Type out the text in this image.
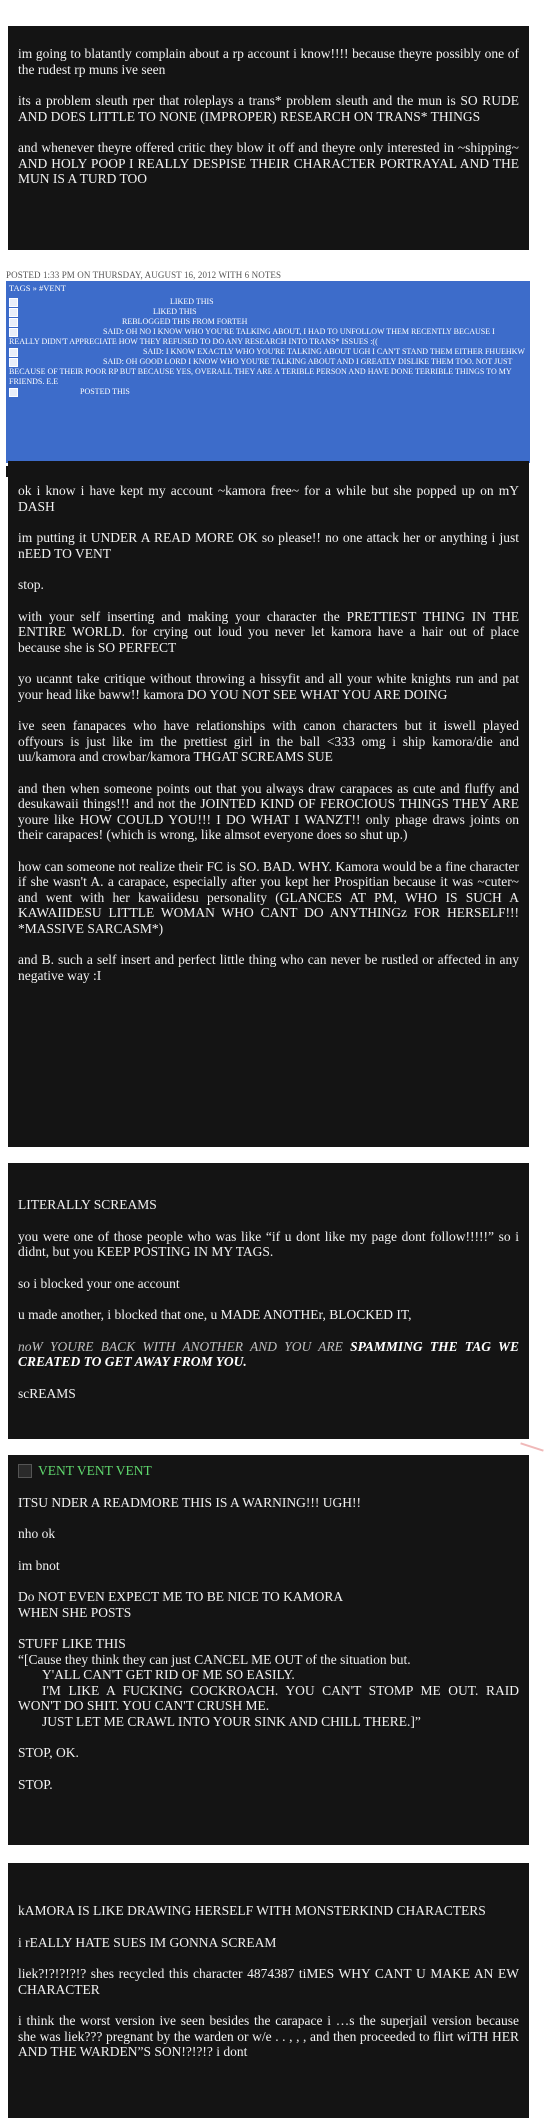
im going to blatantly complain about a rp account i know!!!! because theyre possibly one of the rudest rp muns ive seen

its a problem sleuth rper that roleplays a trans* problem sleuth and the mun is SO RUDE AND DOES LITTLE TO NONE (IMPROPER) RESEARCH ON TRANS* THINGS

and whenever theyre offered critic they blow it off and theyre only interested in ~shipping~ AND HOLY POOP I REALLY DESPISE THEIR CHARACTER PORTRAYAL AND THE MUN IS A TURD TOO

POSTED 1:33 PM ON THURSDAY, AUGUST 16, 2012 WITH 6 NOTES
TAGS » #VENT
LIKED THIS
LIKED THIS
REBLOGGED THIS FROM FORTEH
SAID: OH NO I KNOW WHO YOU'RE TALKING ABOUT, I HAD TO UNFOLLOW THEM RECENTLY BECAUSE I REALLY DIDN'T APPRECIATE HOW THEY REFUSED TO DO ANY RESEARCH INTO TRANS* ISSUES :((
SAID: I KNOW EXACTLY WHO YOU'RE TALKING ABOUT UGH I CAN'T STAND THEM EITHER FHUEHKW
SAID: OH GOOD LORD I KNOW WHO YOU'RE TALKING ABOUT AND I GREATLY DISLIKE THEM TOO. NOT JUST BECAUSE OF THEIR POOR RP BUT BECAUSE YES, OVERALL THEY ARE A TERIBLE PERSON AND HAVE DONE TERRIBLE THINGS TO MY FRIENDS. E.E
POSTED THIS

ok i know i have kept my account ~kamora free~ for a while but she popped up on mY DASH

im putting it UNDER A READ MORE OK so please!! no one attack her or anything i just nEED TO VENT

stop.

with your self inserting and making your character the PRETTIEST THING IN THE ENTIRE WORLD. for crying out loud you never let kamora have a hair out of place because she is SO PERFECT

yo ucannt take critique without throwing a hissyfit and all your white knights run and pat your head like baww!! kamora DO YOU NOT SEE WHAT YOU ARE DOING

ive seen fanapaces who have relationships with canon characters but it iswell played offyours is just like im the prettiest girl in the ball <333 omg i ship kamora/die and uu/kamora and crowbar/kamora THGAT SCREAMS SUE

and then when someone points out that you always draw carapaces as cute and fluffy and desukawaii things!!! and not the JOINTED KIND OF FEROCIOUS THINGS THEY ARE youre like HOW COULD YOU!!! I DO WHAT I WANZT!! only phage draws joints on their carapaces! (which is wrong, like almsot everyone does so shut up.)

how can someone not realize their FC is SO. BAD. WHY. Kamora would be a fine character if she wasn't A. a carapace, especially after you kept her Prospitian because it was ~cuter~ and went with her kawaiidesu personality (GLANCES AT PM, WHO IS SUCH A KAWAIIDESU LITTLE WOMAN WHO CANT DO ANYTHINGz FOR HERSELF!!! *MASSIVE SARCASM*)

and B. such a self insert and perfect little thing who can never be rustled or affected in any negative way :I

LITERALLY SCREAMS

you were one of those people who was like “if u dont like my page dont follow!!!!!” so i didnt, but you KEEP POSTING IN MY TAGS.

so i blocked your one account

u made another, i blocked that one, u MADE ANOTHEr, BLOCKED IT,

noW YOURE BACK WITH ANOTHER AND YOU ARE SPAMMING THE TAG WE CREATED TO GET AWAY FROM YOU.

scREAMS

VENT VENT VENT

ITSU NDER A READMORE THIS IS A WARNING!!! UGH!!

nho ok

im bnot

Do NOT EVEN EXPECT ME TO BE NICE TO KAMORA
WHEN SHE POSTS

STUFF LIKE THIS

“[Cause they think they can just CANCEL ME OUT of the situation but.

Y'ALL CAN'T GET RID OF ME SO EASILY.

I'M LIKE A FUCKING COCKROACH. YOU CAN'T STOMP ME OUT. RAID WON'T DO SHIT. YOU CAN'T CRUSH ME.

JUST LET ME CRAWL INTO YOUR SINK AND CHILL THERE.]”

STOP, OK.

STOP.

kAMORA IS LIKE DRAWING HERSELF WITH MONSTERKIND CHARACTERS

i rEALLY HATE SUES IM GONNA SCREAM

liek?!?!?!?!? shes recycled this character 4874387 tiMES WHY CANT U MAKE AN EW CHARACTER

i think the worst version ive seen besides the carapace i …s the superjail version because she was liek??? pregnant by the warden or w/e . . , , , and then proceeded to flirt wiTH HER AND THE WARDEN”S SON!?!?!? i dont
